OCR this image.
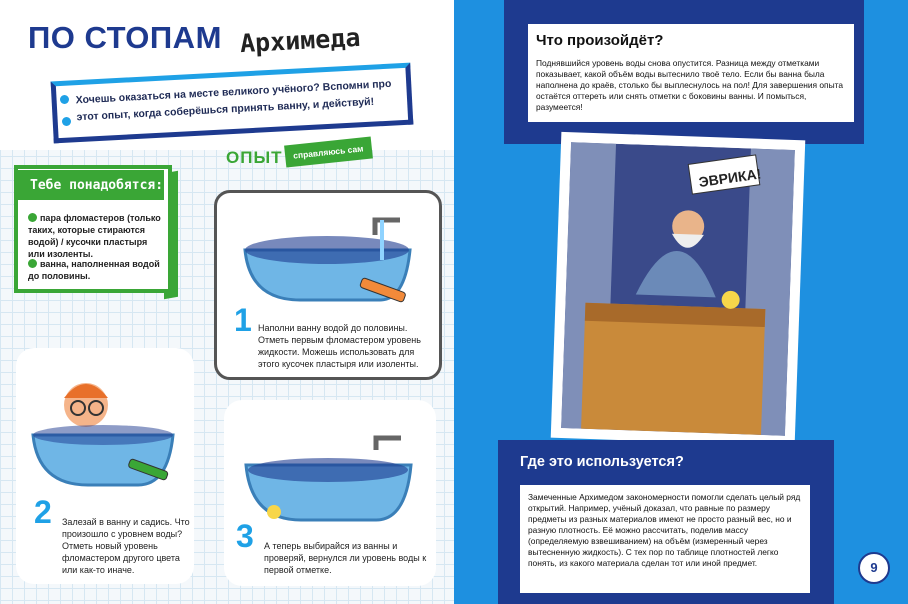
ПО СТОПАМ Архимеда
Хочешь оказаться на месте великого учёного? Вспомни про этот опыт, когда соберёшься принять ванну, и действуй!
ОПЫТ	справляюсь сам
Тебе понадобятся:
пара фломастеров (только таких, которые стираются водой) / кусочки пластыря или изоленты.
ванна, наполненная водой до половины.
1 Наполни ванну водой до половины. Отметь первым фломастером уровень жидкости. Можешь использовать для этого кусочек пластыря или изоленты.
2 Залезай в ванну и садись. Что произошло с уровнем воды? Отметь новый уровень фломастером другого цвета или как-то иначе.
3 А теперь выбирайся из ванны и проверяй, вернулся ли уровень воды к первой отметке.
Что произойдёт?
Поднявшийся уровень воды снова опустится. Разница между отметками показывает, какой объём воды вытеснило твоё тело. Если бы ванна была наполнена до краёв, столько бы выплеснулось на пол! Для завершения опыта остаётся оттереть или снять отметки с боковины ванны. И помыться, разумеется!
ЭВРИКА!
Где это используется?
Замеченные Архимедом закономерности помогли сделать целый ряд открытий. Например, учёный доказал, что равные по размеру предметы из разных материалов имеют не просто разный вес, но и разную плотность. Её можно рассчитать, поделив массу (определяемую взвешиванием) на объём (измеренный через вытесненную жидкость). С тех пор по таблице плотностей легко понять, из какого материала сделан тот или иной предмет.	9
